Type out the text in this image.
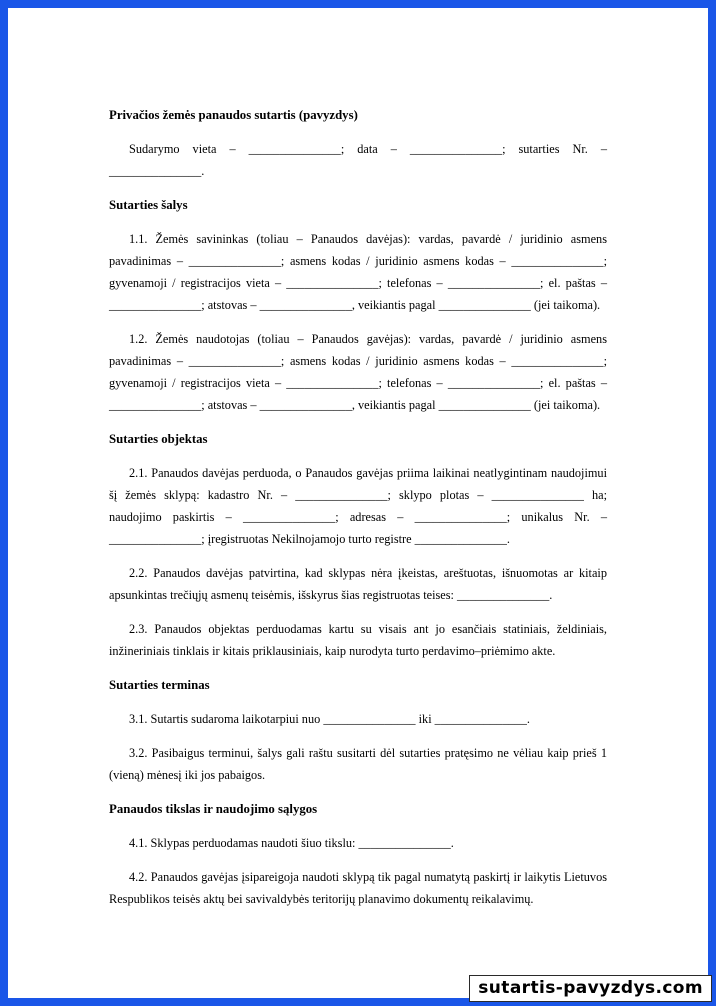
Privačios žemės panaudos sutartis (pavyzdys)

Sudarymo vieta – _______________; data – _______________; sutarties Nr. – _______________.

Sutarties šalys

1.1. Žemės savininkas (toliau – Panaudos davėjas): vardas, pavardė / juridinio asmens pavadinimas – _______________; asmens kodas / juridinio asmens kodas – _______________; gyvenamoji / registracijos vieta – _______________; telefonas – _______________; el. paštas – _______________; atstovas – _______________, veikiantis pagal _______________ (jei taikoma).

1.2. Žemės naudotojas (toliau – Panaudos gavėjas): vardas, pavardė / juridinio asmens pavadinimas – _______________; asmens kodas / juridinio asmens kodas – _______________; gyvenamoji / registracijos vieta – _______________; telefonas – _______________; el. paštas – _______________; atstovas – _______________, veikiantis pagal _______________ (jei taikoma).

Sutarties objektas

2.1. Panaudos davėjas perduoda, o Panaudos gavėjas priima laikinai neatlygintinam naudojimui šį žemės sklypą: kadastro Nr. – _______________; sklypo plotas – _______________ ha; naudojimo paskirtis – _______________; adresas – _______________; unikalus Nr. – _______________; įregistruotas Nekilnojamojo turto registre _______________.

2.2. Panaudos davėjas patvirtina, kad sklypas nėra įkeistas, areštuotas, išnuomotas ar kitaip apsunkintas trečiųjų asmenų teisėmis, išskyrus šias registruotas teises: _______________.

2.3. Panaudos objektas perduodamas kartu su visais ant jo esančiais statiniais, želdiniais, inžineriniais tinklais ir kitais priklausiniais, kaip nurodyta turto perdavimo–priėmimo akte.

Sutarties terminas

3.1. Sutartis sudaroma laikotarpiui nuo _______________ iki _______________.

3.2. Pasibaigus terminui, šalys gali raštu susitarti dėl sutarties pratęsimo ne vėliau kaip prieš 1 (vieną) mėnesį iki jos pabaigos.

Panaudos tikslas ir naudojimo sąlygos

4.1. Sklypas perduodamas naudoti šiuo tikslu: _______________.

4.2. Panaudos gavėjas įsipareigoja naudoti sklypą tik pagal numatytą paskirtį ir laikytis Lietuvos Respublikos teisės aktų bei savivaldybės teritorijų planavimo dokumentų reikalavimų.

sutartis-pavyzdys.com
